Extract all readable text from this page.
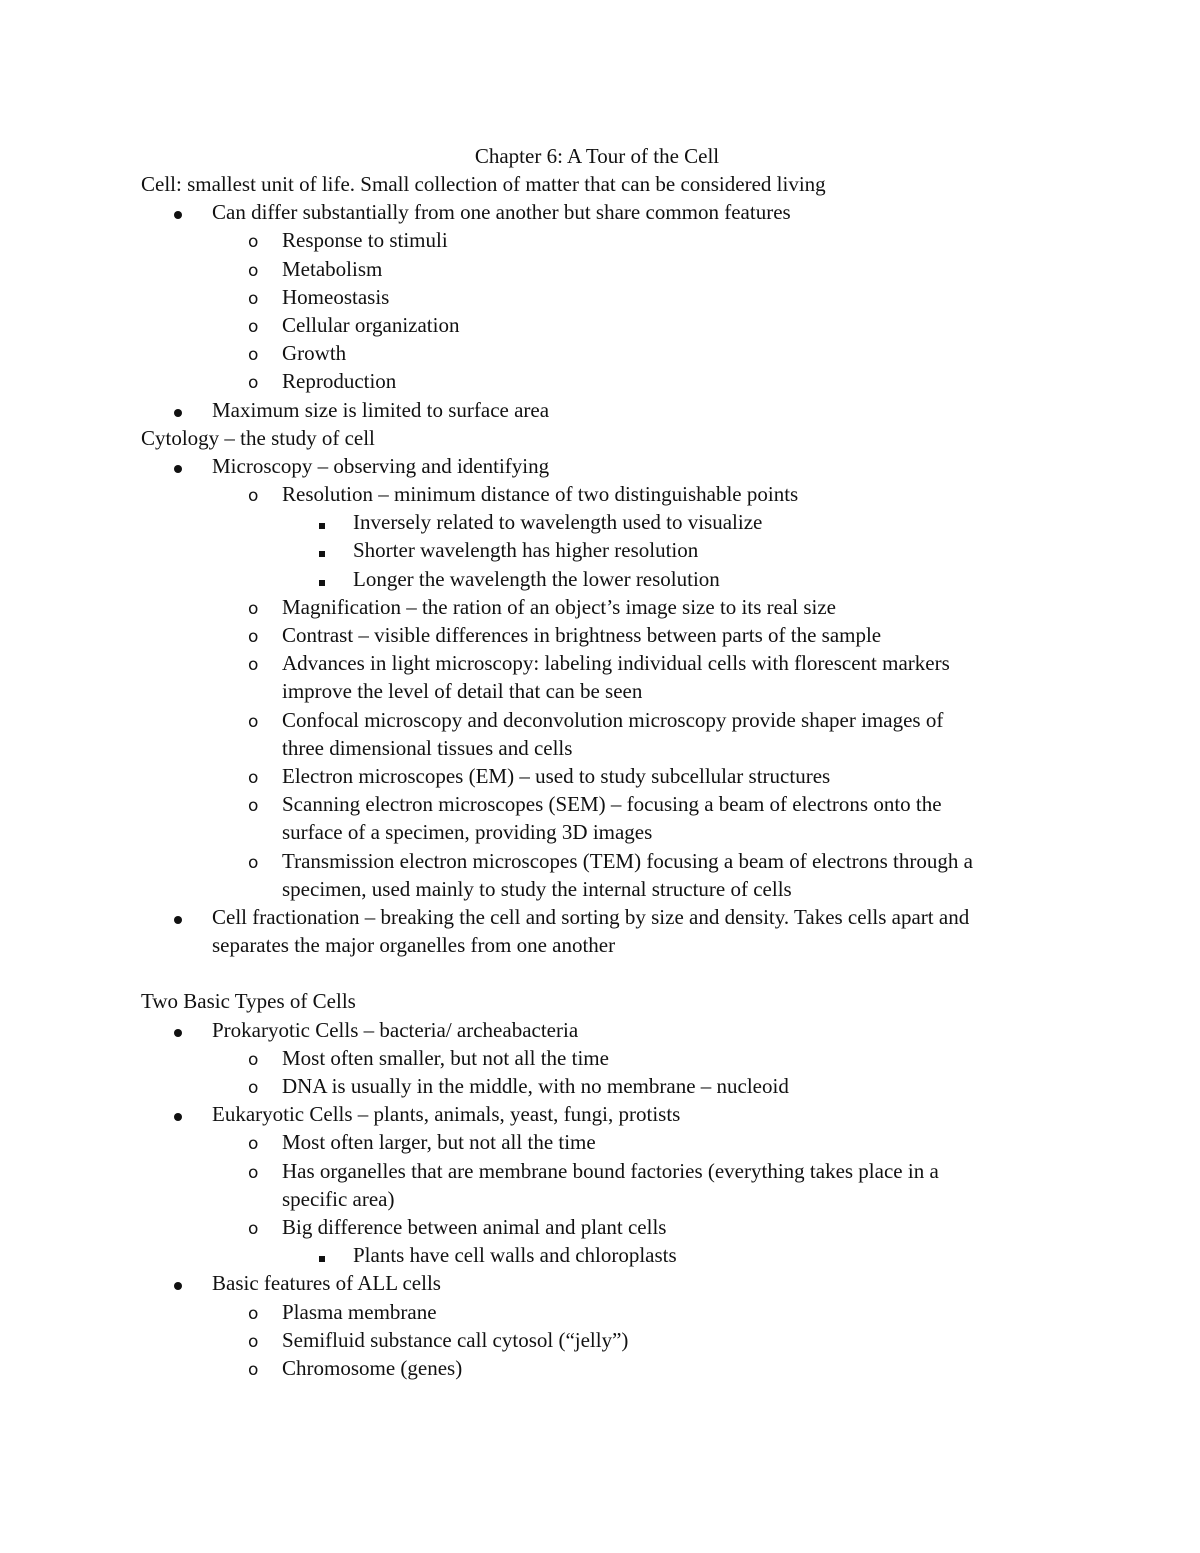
Chapter 6: A Tour of the Cell
Cell: smallest unit of life. Small collection of matter that can be considered living
Can differ substantially from one another but share common features
o Response to stimuli
o Metabolism
o Homeostasis
o Cellular organization
o Growth
o Reproduction
Maximum size is limited to surface area
Cytology – the study of cell
Microscopy – observing and identifying
o Resolution – minimum distance of two distinguishable points
Inversely related to wavelength used to visualize
Shorter wavelength has higher resolution
Longer the wavelength the lower resolution
o Magnification – the ration of an object’s image size to its real size
o Contrast – visible differences in brightness between parts of the sample
o Advances in light microscopy: labeling individual cells with florescent markers
improve the level of detail that can be seen
o Confocal microscopy and deconvolution microscopy provide shaper images of
three dimensional tissues and cells
o Electron microscopes (EM) – used to study subcellular structures
o Scanning electron microscopes (SEM) – focusing a beam of electrons onto the
surface of a specimen, providing 3D images
o Transmission electron microscopes (TEM) focusing a beam of electrons through a
specimen, used mainly to study the internal structure of cells
Cell fractionation – breaking the cell and sorting by size and density. Takes cells apart and
separates the major organelles from one another
Two Basic Types of Cells
Prokaryotic Cells – bacteria/ archeabacteria
o Most often smaller, but not all the time
o DNA is usually in the middle, with no membrane – nucleoid
Eukaryotic Cells – plants, animals, yeast, fungi, protists
o Most often larger, but not all the time
o Has organelles that are membrane bound factories (everything takes place in a
specific area)
o Big difference between animal and plant cells
Plants have cell walls and chloroplasts
Basic features of ALL cells
o Plasma membrane
o Semifluid substance call cytosol (“jelly”)
o Chromosome (genes)
